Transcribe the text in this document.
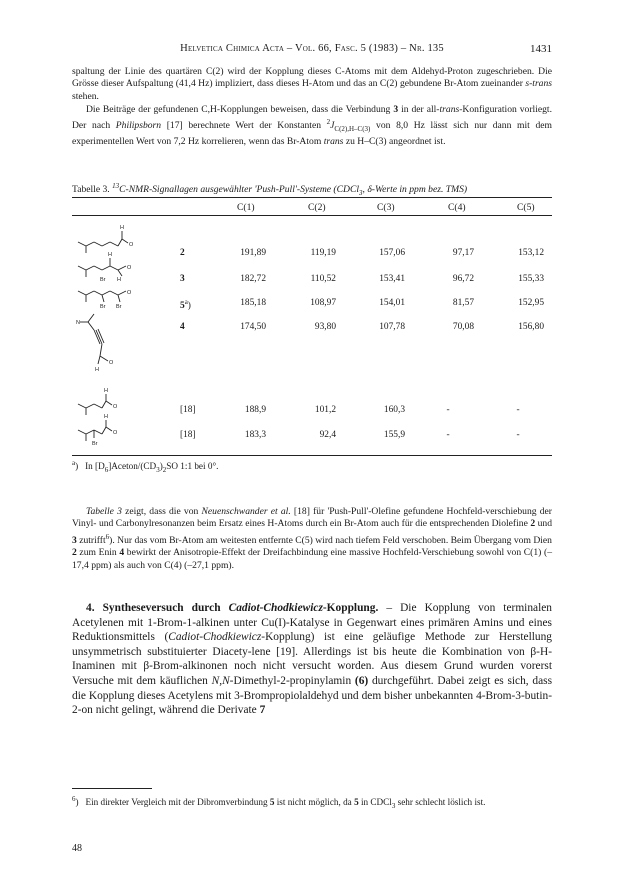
Helvetica Chimica Acta – Vol. 66, Fasc. 5 (1983) – Nr. 135	1431

spaltung der Linie des quartären C(2) wird der Kopplung dieses C-Atoms mit dem Aldehyd-Proton zugeschrieben. Die Grösse dieser Aufspaltung (41,4 Hz) impliziert, dass dieses H-Atom und das an C(2) gebundene Br-Atom zueinander s-trans stehen.

Die Beiträge der gefundenen C,H-Kopplungen beweisen, dass die Verbindung 3 in der all-trans-Konfiguration vorliegt. Der nach Philipsborn [17] berechnete Wert der Konstanten $^2J_{C(2),H-C(3)}$ von 8,0 Hz lässt sich nur dann mit dem experimentellen Wert von 7,2 Hz korrelieren, wenn das Br-Atom trans zu H–C(3) angeordnet ist.

Tabelle 3. $^{13}$C-NMR-Signallagen ausgewählter 'Push-Pull'-Systeme (CDCl$_3$, δ-Werte in ppm bez. TMS)
C(1)	C(2)	C(3)	C(4)	C(5)
2	191,89	119,19	157,06	97,17	153,12
3	182,72	110,52	153,41	96,72	155,33
5$^a$)	185,18	108,97	154,01	81,57	152,95
4	174,50	93,80	107,78	70,08	156,80
[18]	188,9	101,2	160,3	-	-
[18]	183,3	92,4	155,9	-	-
H
O
H
O
H
Br
O
Br Br
N
O
H
H
O
H
O
Br
$^a$)   In $[D_6]Aceton/(CD_3)_2SO$ 1:1 bei 0°.

Tabelle 3 zeigt, dass die von Neuenschwander et al. [18] für 'Push-Pull'-Olefine gefundene Hochfeld-verschiebung der Vinyl- und Carbonylresonanzen beim Ersatz eines H-Atoms durch ein Br-Atom auch für die entsprechenden Diolefine 2 und 3 zutrifft$^6$). Nur das vom Br-Atom am weitesten entfernte C(5) wird nach tiefem Feld verschoben. Beim Übergang vom Dien 2 zum Enin 4 bewirkt der Anisotropie-Effekt der Dreifachbindung eine massive Hochfeld-Verschiebung sowohl von C(1) (–17,4 ppm) als auch von C(4) (–27,1 ppm).

4. Syntheseversuch durch Cadiot-Chodkiewicz-Kopplung. – Die Kopplung von terminalen Acetylenen mit 1-Brom-1-alkinen unter Cu(I)-Katalyse in Gegenwart eines primären Amins und eines Reduktionsmittels (Cadiot-Chodkiewicz-Kopplung) ist eine geläufige Methode zur Herstellung unsymmetrisch substituierter Diacety-lene [19]. Allerdings ist bis heute die Kombination von β-H-Inaminen mit β-Brom-alkinonen noch nicht versucht worden. Aus diesem Grund wurden vorerst Versuche mit dem käuflichen N,N-Dimethyl-2-propinylamin (6) durchgeführt. Dabei zeigt es sich, dass die Kopplung dieses Acetylens mit 3-Brompropiolaldehyd und dem bisher unbekannten 4-Brom-3-butin-2-on nicht gelingt, während die Derivate 7

$^6$)   Ein direkter Vergleich mit der Dibromverbindung 5 ist nicht möglich, da 5 in CDCl$_3$ sehr schlecht löslich ist.
48
